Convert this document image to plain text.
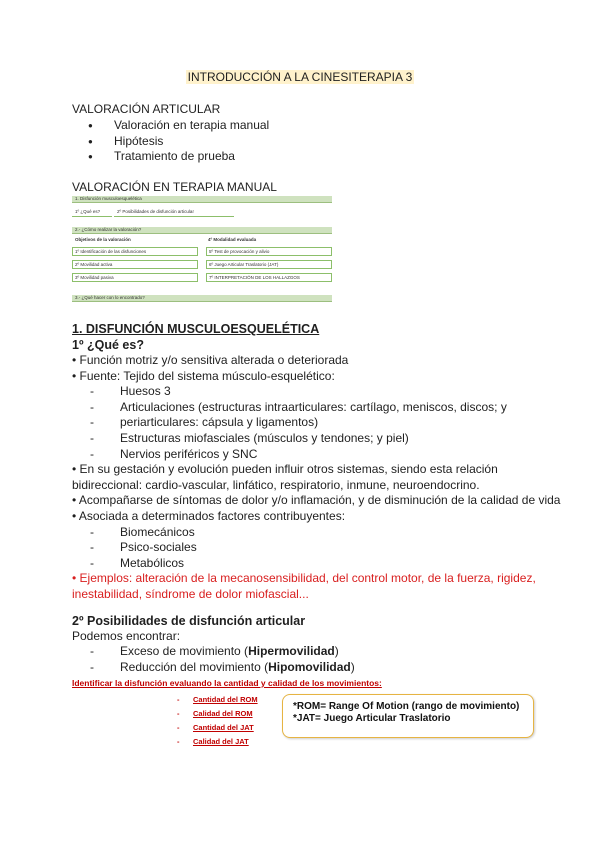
INTRODUCCIÓN A LA CINESITERAPIA 3
VALORACIÓN ARTICULAR
● Valoración en terapia manual
● Hipótesis
● Tratamiento de prueba
VALORACIÓN EN TERAPIA MANUAL
1. Disfunción musculoesquelética
1º ¿Qué es?	2º Posibilidades de disfunción articular
2.- ¿Cómo realizar la valoración?
Objetivos de la valoración	4º Modalidad evaluada
1º Identificación de las disfunciones
2º Movilidad activa
3º Movilidad pasiva
5º Test de provocación y alivio
6º Juego Articular Traslatorio (JAT)
7º INTERPRETACIÓN DE LOS HALLAZGOS
3.- ¿Qué hacer con lo encontrado?
1. DISFUNCIÓN MUSCULOESQUELÉTICA
1º ¿Qué es?
• Función motriz y/o sensitiva alterada o deteriorada
• Fuente: Tejido del sistema músculo-esquelético:
- Huesos 3
- Articulaciones (estructuras intraarticulares: cartílago, meniscos, discos; y
- periarticulares: cápsula y ligamentos)
- Estructuras miofasciales (músculos y tendones; y piel)
- Nervios periféricos y SNC
• En su gestación y evolución pueden influir otros sistemas, siendo esta relación
bidireccional: cardio-vascular, linfático, respiratorio, inmune, neuroendocrino.
• Acompañarse de síntomas de dolor y/o inflamación, y de disminución de la calidad de vida
• Asociada a determinados factores contribuyentes:
- Biomecánicos
- Psico-sociales
- Metabólicos
• Ejemplos: alteración de la mecanosensibilidad, del control motor, de la fuerza, rigidez,
inestabilidad, síndrome de dolor miofascial...
2º Posibilidades de disfunción articular
Podemos encontrar:
- Exceso de movimiento (Hipermovilidad)
- Reducción del movimiento (Hipomovilidad)
Identificar la disfunción evaluando la cantidad y calidad de los movimientos:
- Cantidad del ROM
- Calidad del ROM
- Cantidad del JAT
- Calidad del JAT
*ROM= Range Of Motion (rango de movimiento)
*JAT= Juego Articular Traslatorio
